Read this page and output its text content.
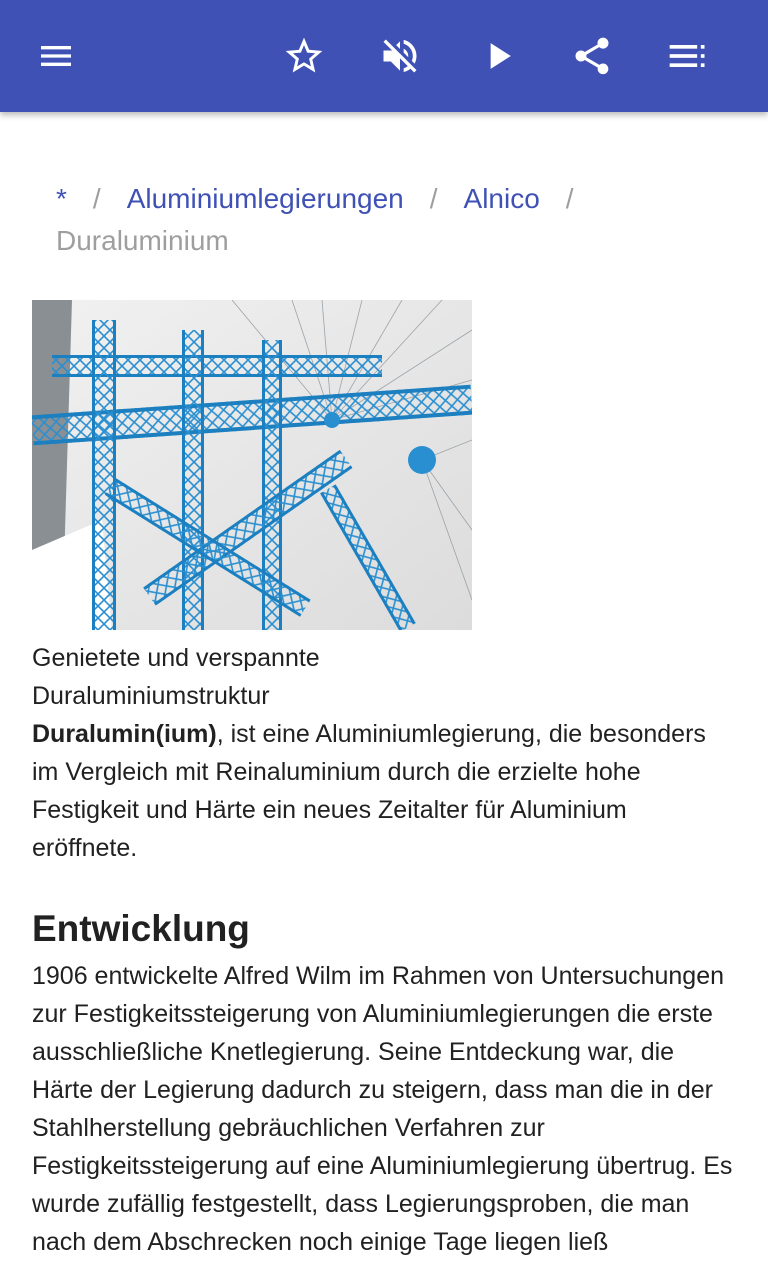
* / Aluminiumlegierungen / Alnico /
Duraluminium
Genietete und verspannte Duraluminiumstruktur

Duralumin(ium), ist eine Aluminiumlegierung, die besonders im Vergleich mit Reinaluminium durch die erzielte hohe Festigkeit und Härte ein neues Zeitalter für Aluminium eröffnete.

Entwicklung

1906 entwickelte Alfred Wilm im Rahmen von Untersuchungen zur Festigkeitssteigerung von Aluminiumlegierungen die erste ausschließliche Knetlegierung. Seine Entdeckung war, die Härte der Legierung dadurch zu steigern, dass man die in der Stahlherstellung gebräuchlichen Verfahren zur Festigkeitssteigerung auf eine Aluminiumlegierung übertrug. Es wurde zufällig festgestellt, dass Legierungsproben, die man nach dem Abschrecken noch einige Tage liegen ließ
